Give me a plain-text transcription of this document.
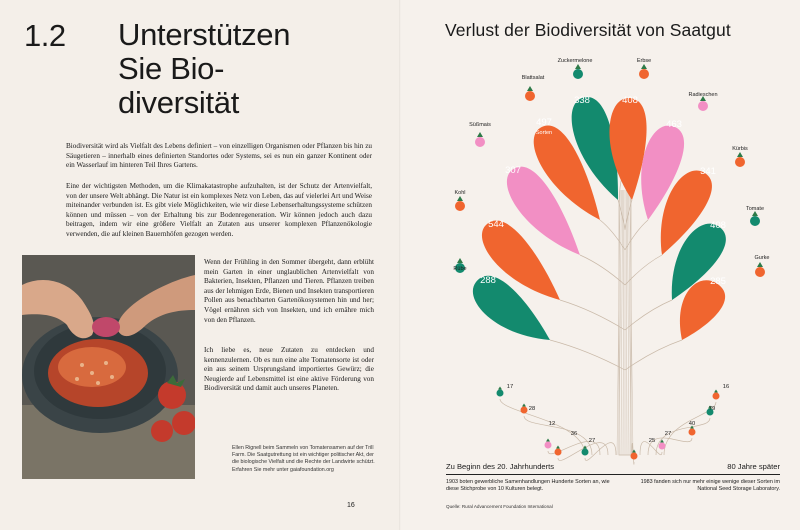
1.2 Unterstützen
Sie Bio-
diversität
Biodiversität wird als Vielfalt des Lebens definiert – von einzelligen Organismen oder Pflanzen bis hin zu Säugetieren – innerhalb eines definierten Standortes oder Systems, sei es nun ein ganzer Kontinent oder ein Wasserlauf im hinteren Teil Ihres Gartens.
Eine der wichtigsten Methoden, um die Klimakatastrophe aufzuhalten, ist der Schutz der Artenvielfalt, von der unsere Welt abhängt. Die Natur ist ein komplexes Netz von Leben, das auf vielerlei Art und Weise miteinander verbunden ist. Es gibt viele Möglichkeiten, wie wir diese Lebenserhaltungssysteme schützen können und müssen – von der Erhaltung bis zur Bodenregeneration. Wir können jedoch auch dazu beitragen, indem wir eine größere Vielfalt an Zutaten aus unserer komplexen Pflanzenökologie verwenden, die auf kleinen Bauernhöfen gezogen werden.
Wenn der Frühling in den Sommer übergeht, dann erblüht mein Garten in einer unglaublichen Artenvielfalt von Bakterien, Insekten, Pflanzen und Tieren. Pflanzen treiben aus der lehmigen Erde, Bienen und Insekten transportieren Pollen aus benachbarten Gartenökosystemen hin und her; Vögel ernähren sich von Insekten, und ich ernähre mich von den Pflanzen.
Ich liebe es, neue Zutaten zu entdecken und kennenzulernen. Ob es nun eine alte Tomatensorte ist oder ein aus seinem Ursprungsland importiertes Gewürz; die Neugierde auf Lebensmittel ist eine aktive Förderung von Biodiversität und damit auch unseres Planeten.
Ellen Rignell beim Sammeln von Tomatensamen auf der Trill Farm. Die Saatgutrettung ist ein wichtiger politischer Akt, der die biologische Vielfalt und die Rechte der Landwirte schützt. Erfahren Sie mehr unter gaiafoundation.org
16
Verlust der Biodiversität von Saatgut
288
Rübe
17
544
Kohl
28
307
Süßmais
12
497
Sorten
Blattsalat
36
338
Zuckermelone
27
408
Erbse
25
463
Radieschen
27
341
Kürbis
40
408
Tomate
79
285
Gurke
16
Zu Beginn des 20. Jahrhunderts	80 Jahre später
1903 boten gewerbliche Samenhandlungen Hunderte Sorten an, wie diese Stichprobe von 10 Kulturen belegt.
1983 fanden sich nur mehr einige wenige dieser Sorten im National Seed Storage Laboratory.
Quelle: Rural Advancement Foundation International
